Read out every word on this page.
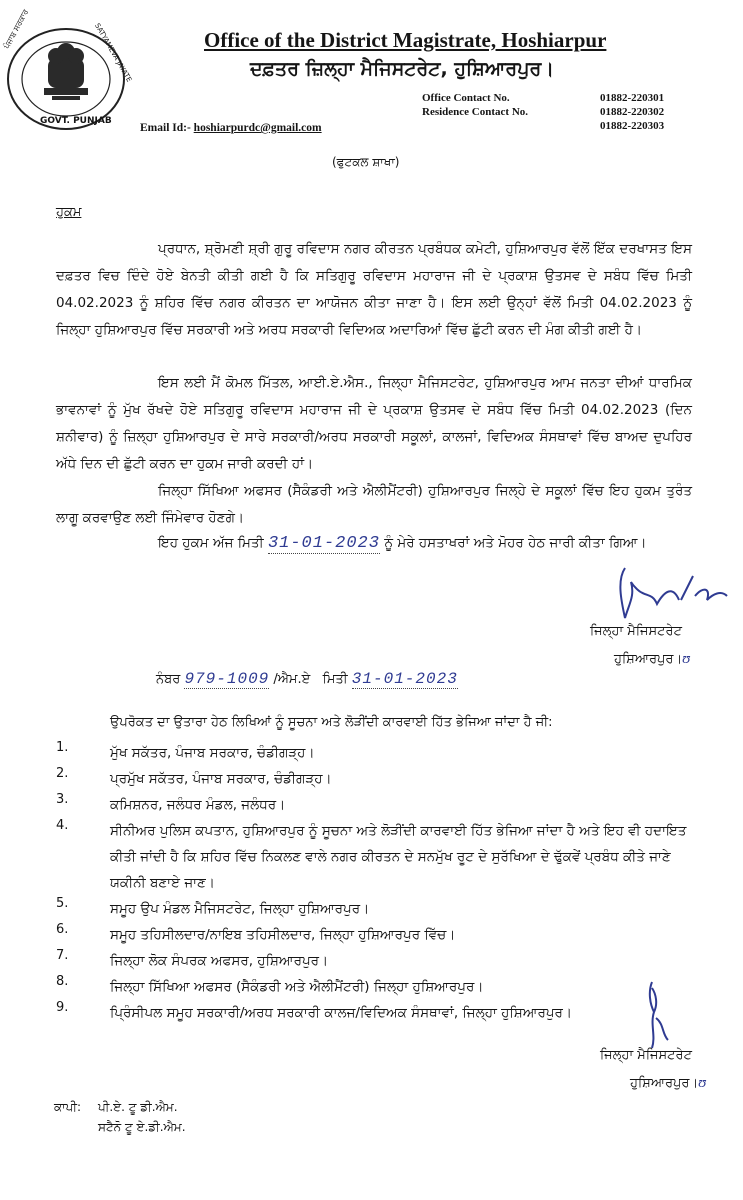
ਪੰਜਾਬ ਸਰਕਾਰ	SATYAMEVA JAYATE
GOVT. PUNJAB
Office of the District Magistrate, Hoshiarpur
ਦਫ਼ਤਰ ਜ਼ਿਲ੍ਹਾ ਮੈਜਿਸਟਰੇਟ, ਹੁਸ਼ਿਆਰਪੁਰ।
Office Contact No.	01882-220301
Residence Contact No.	01882-220302
01882-220303
Email Id:- hoshiarpurdc@gmail.com
(ਫੁਟਕਲ ਸ਼ਾਖਾ)
ਹੁਕਮ

ਪ੍ਰਧਾਨ, ਸ਼੍ਰੋਮਣੀ ਸ਼੍ਰੀ ਗੁਰੂ ਰਵਿਦਾਸ ਨਗਰ ਕੀਰਤਨ ਪ੍ਰਬੰਧਕ ਕਮੇਟੀ, ਹੁਸ਼ਿਆਰਪੁਰ ਵੱਲੋਂ ਇੱਕ ਦਰਖਾਸਤ ਇਸ ਦਫ਼ਤਰ ਵਿਚ ਦਿੰਦੇ ਹੋਏ ਬੇਨਤੀ ਕੀਤੀ ਗਈ ਹੈ ਕਿ ਸਤਿਗੁਰੂ ਰਵਿਦਾਸ ਮਹਾਰਾਜ ਜੀ ਦੇ ਪ੍ਰਕਾਸ਼ ਉਤਸਵ ਦੇ ਸਬੰਧ ਵਿੱਚ ਮਿਤੀ 04.02.2023 ਨੂੰ ਸ਼ਹਿਰ ਵਿੱਚ ਨਗਰ ਕੀਰਤਨ ਦਾ ਆਯੋਜਨ ਕੀਤਾ ਜਾਣਾ ਹੈ। ਇਸ ਲਈ ਉਨ੍ਹਾਂ ਵੱਲੋਂ ਮਿਤੀ 04.02.2023 ਨੂੰ ਜਿਲ੍ਹਾ ਹੁਸ਼ਿਆਰਪੁਰ ਵਿੱਚ ਸਰਕਾਰੀ ਅਤੇ ਅਰਧ ਸਰਕਾਰੀ ਵਿਦਿਅਕ ਅਦਾਰਿਆਂ ਵਿੱਚ ਛੁੱਟੀ ਕਰਨ ਦੀ ਮੰਗ ਕੀਤੀ ਗਈ ਹੈ।

ਇਸ ਲਈ ਮੈਂ ਕੋਮਲ ਮਿੱਤਲ, ਆਈ.ਏ.ਐਸ., ਜਿਲ੍ਹਾ ਮੈਜਿਸਟਰੇਟ, ਹੁਸ਼ਿਆਰਪੁਰ ਆਮ ਜਨਤਾ ਦੀਆਂ ਧਾਰਮਿਕ ਭਾਵਨਾਵਾਂ ਨੂੰ ਮੁੱਖ ਰੱਖਦੇ ਹੋਏ ਸਤਿਗੁਰੂ ਰਵਿਦਾਸ ਮਹਾਰਾਜ ਜੀ ਦੇ ਪ੍ਰਕਾਸ਼ ਉਤਸਵ ਦੇ ਸਬੰਧ ਵਿੱਚ ਮਿਤੀ 04.02.2023 (ਦਿਨ ਸ਼ਨੀਵਾਰ) ਨੂੰ ਜ਼ਿਲ੍ਹਾ ਹੁਸ਼ਿਆਰਪੁਰ ਦੇ ਸਾਰੇ ਸਰਕਾਰੀ/ਅਰਧ ਸਰਕਾਰੀ ਸਕੂਲਾਂ, ਕਾਲਜਾਂ, ਵਿਦਿਅਕ ਸੰਸਥਾਵਾਂ ਵਿੱਚ ਬਾਅਦ ਦੁਪਹਿਰ ਅੱਧੇ ਦਿਨ ਦੀ ਛੁੱਟੀ ਕਰਨ ਦਾ ਹੁਕਮ ਜਾਰੀ ਕਰਦੀ ਹਾਂ।

ਜਿਲ੍ਹਾ ਸਿੱਖਿਆ ਅਫਸਰ (ਸੈਕੰਡਰੀ ਅਤੇ ਐਲੀਮੈਂਟਰੀ) ਹੁਸ਼ਿਆਰਪੁਰ ਜਿਲ੍ਹੇ ਦੇ ਸਕੂਲਾਂ ਵਿੱਚ ਇਹ ਹੁਕਮ ਤੁਰੰਤ ਲਾਗੂ ਕਰਵਾਉਣ ਲਈ ਜਿੰਮੇਵਾਰ ਹੋਣਗੇ।

ਇਹ ਹੁਕਮ ਅੱਜ ਮਿਤੀ 31-01-2023 ਨੂੰ ਮੇਰੇ ਹਸਤਾਖਰਾਂ ਅਤੇ ਮੋਹਰ ਹੇਠ ਜਾਰੀ ਕੀਤਾ ਗਿਆ।

ਜਿਲ੍ਹਾ ਮੈਜਿਸਟਰੇਟ
ਹੁਸ਼ਿਆਰਪੁਰ।ʊ
ਨੰਬਰ 979-1009 /ਐਮ.ਏ ਮਿਤੀ 31-01-2023
ਉਪਰੋਕਤ ਦਾ ਉਤਾਰਾ ਹੇਠ ਲਿਖਿਆਂ ਨੂੰ ਸੂਚਨਾ ਅਤੇ ਲੋੜੀਂਦੀ ਕਾਰਵਾਈ ਹਿੱਤ ਭੇਜਿਆ ਜਾਂਦਾ ਹੈ ਜੀ:
1.	ਮੁੱਖ ਸਕੱਤਰ, ਪੰਜਾਬ ਸਰਕਾਰ, ਚੰਡੀਗੜ੍ਹ।
2.	ਪ੍ਰਮੁੱਖ ਸਕੱਤਰ, ਪੰਜਾਬ ਸਰਕਾਰ, ਚੰਡੀਗੜ੍ਹ।
3.	ਕਮਿਸ਼ਨਰ, ਜਲੰਧਰ ਮੰਡਲ, ਜਲੰਧਰ।
4.	ਸੀਨੀਅਰ ਪੁਲਿਸ ਕਪਤਾਨ, ਹੁਸ਼ਿਆਰਪੁਰ ਨੂੰ ਸੂਚਨਾ ਅਤੇ ਲੋੜੀਂਦੀ ਕਾਰਵਾਈ ਹਿੱਤ ਭੇਜਿਆ ਜਾਂਦਾ ਹੈ ਅਤੇ ਇਹ ਵੀ ਹਦਾਇਤ ਕੀਤੀ ਜਾਂਦੀ ਹੈ ਕਿ ਸ਼ਹਿਰ ਵਿੱਚ ਨਿਕਲਣ ਵਾਲੇ ਨਗਰ ਕੀਰਤਨ ਦੇ ਸਨਮੁੱਖ ਰੂਟ ਦੇ ਸੁਰੱਖਿਆ ਦੇ ਢੁੱਕਵੇਂ ਪ੍ਰਬੰਧ ਕੀਤੇ ਜਾਣੇ ਯਕੀਨੀ ਬਣਾਏ ਜਾਣ।
5.	ਸਮੂਹ ਉਪ ਮੰਡਲ ਮੈਜਿਸਟਰੇਟ, ਜਿਲ੍ਹਾ ਹੁਸ਼ਿਆਰਪੁਰ।
6.	ਸਮੂਹ ਤਹਿਸੀਲਦਾਰ/ਨਾਇਬ ਤਹਿਸੀਲਦਾਰ, ਜਿਲ੍ਹਾ ਹੁਸ਼ਿਆਰਪੁਰ ਵਿੱਚ।
7.	ਜਿਲ੍ਹਾ ਲੋਕ ਸੰਪਰਕ ਅਫਸਰ, ਹੁਸ਼ਿਆਰਪੁਰ।
8.	ਜਿਲ੍ਹਾ ਸਿੱਖਿਆ ਅਫਸਰ (ਸੈਕੰਡਰੀ ਅਤੇ ਐਲੀਮੈਂਟਰੀ) ਜਿਲ੍ਹਾ ਹੁਸ਼ਿਆਰਪੁਰ।
9.	ਪ੍ਰਿੰਸੀਪਲ ਸਮੂਹ ਸਰਕਾਰੀ/ਅਰਧ ਸਰਕਾਰੀ ਕਾਲਜ/ਵਿਦਿਅਕ ਸੰਸਥਾਵਾਂ, ਜਿਲ੍ਹਾ ਹੁਸ਼ਿਆਰਪੁਰ।
ਜਿਲ੍ਹਾ ਮੈਜਿਸਟਰੇਟ
ਹੁਸ਼ਿਆਰਪੁਰ।ʊ
ਕਾਪੀ: ਪੀ.ਏ. ਟੂ ਡੀ.ਐਮ.
ਸਟੈਨੋ ਟੂ ਏ.ਡੀ.ਐਮ.
